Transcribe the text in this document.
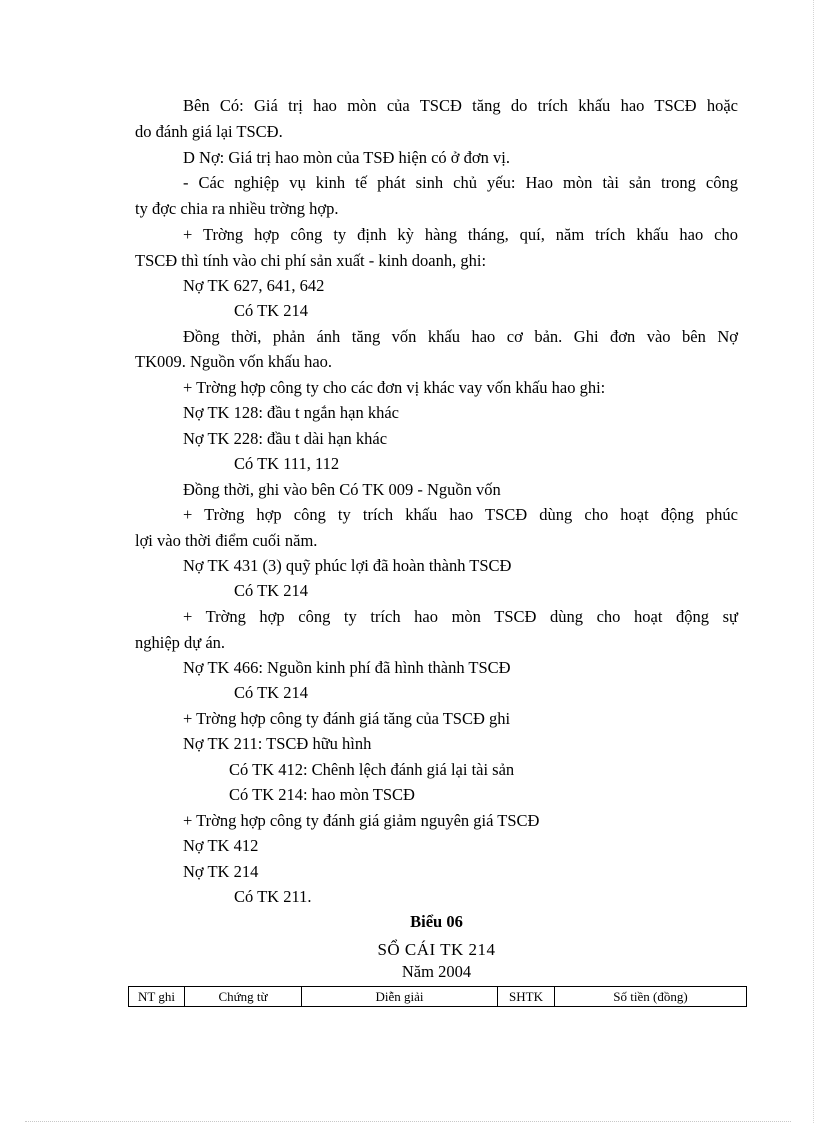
Bên Có: Giá trị hao mòn của TSCĐ tăng do trích khấu hao TSCĐ hoặc
do đánh giá lại TSCĐ.
D Nợ: Giá trị hao mòn của TSĐ hiện có ở đơn vị.
- Các nghiệp vụ kinh tế phát sinh chủ yếu: Hao mòn tài sản trong công
ty đợc chia ra nhiều trờng hợp.
+ Trờng hợp công ty định kỳ hàng tháng, quí, năm trích khấu hao cho
TSCĐ thì tính vào chi phí sản xuất - kinh doanh, ghi:
Nợ TK 627, 641, 642
Có TK 214
Đồng thời, phản ánh tăng vốn khấu hao cơ bản. Ghi đơn vào bên Nợ
TK009. Nguồn vốn khấu hao.
+ Trờng hợp công ty cho các đơn vị khác vay vốn khấu hao ghi:
Nợ TK 128: đầu t ngắn hạn khác
Nợ TK 228: đầu t dài hạn khác
Có TK 111, 112
Đồng thời, ghi vào bên Có TK 009 - Nguồn vốn
+ Trờng hợp công ty trích khấu hao TSCĐ dùng cho hoạt động phúc
lợi vào thời điểm cuối năm.
Nợ TK 431 (3) quỹ phúc lợi đã hoàn thành TSCĐ
Có TK 214
+ Trờng hợp công ty trích hao mòn TSCĐ dùng cho hoạt động sự
nghiệp dự án.
Nợ TK 466: Nguồn kinh phí đã hình thành TSCĐ
Có TK 214
+ Trờng hợp công ty đánh giá tăng của TSCĐ ghi
Nợ TK 211: TSCĐ hữu hình
Có TK 412: Chênh lệch đánh giá lại tài sản
Có TK 214: hao mòn TSCĐ
+ Trờng hợp công ty đánh giá giảm nguyên giá TSCĐ
Nợ TK 412
Nợ TK 214
Có TK 211.
Biểu 06
SỔ CÁI TK 214
Năm 2004
NT ghi	Chứng từ	Diễn giải	SHTK	Số tiền (đồng)
